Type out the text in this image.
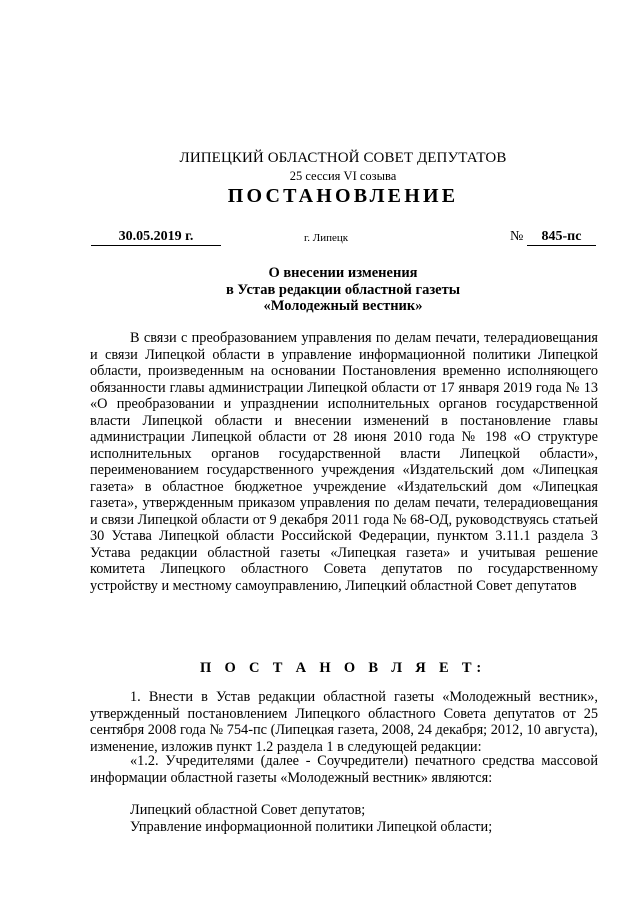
ЛИПЕЦКИЙ ОБЛАСТНОЙ СОВЕТ ДЕПУТАТОВ
25 сессия VI созыва
ПОСТАНОВЛЕНИЕ
30.05.2019 г.	г. Липецк	№	845-пс
О внесении изменения
в Устав редакции областной газеты
«Молодежный вестник»
В связи с преобразованием управления по делам печати, телерадиовещания и связи Липецкой области в управление информационной политики Липецкой области, произведенным на основании Постановления временно исполняющего обязанности главы администрации Липецкой области от 17 января 2019 года № 13 «О преобразовании и упразднении исполнительных органов государственной власти Липецкой области и внесении изменений в постановление главы администрации Липецкой области от 28 июня 2010 года № 198 «О структуре исполнительных органов государственной власти Липецкой области», переименованием государственного учреждения «Издательский дом «Липецкая газета» в областное бюджетное учреждение «Издательский дом «Липецкая газета», утвержденным приказом управления по делам печати, телерадиовещания и связи Липецкой области от 9 декабря 2011 года № 68-ОД, руководствуясь статьей 30 Устава Липецкой области Российской Федерации, пунктом 3.11.1 раздела 3 Устава редакции областной газеты «Липецкая газета» и учитывая решение комитета Липецкого областного Совета депутатов по государственному устройству и местному самоуправлению, Липецкий областной Совет депутатов
П О С Т А Н О В Л Я Е Т:
1. Внести в Устав редакции областной газеты «Молодежный вестник», утвержденный постановлением Липецкого областного Совета депутатов от 25 сентября 2008 года № 754-пс (Липецкая газета, 2008, 24 декабря; 2012, 10 августа), изменение, изложив пункт 1.2 раздела 1 в следующей редакции:
«1.2. Учредителями (далее - Соучредители) печатного средства массовой информации областной газеты «Молодежный вестник» являются:
Липецкий областной Совет депутатов;
Управление информационной политики Липецкой области;
